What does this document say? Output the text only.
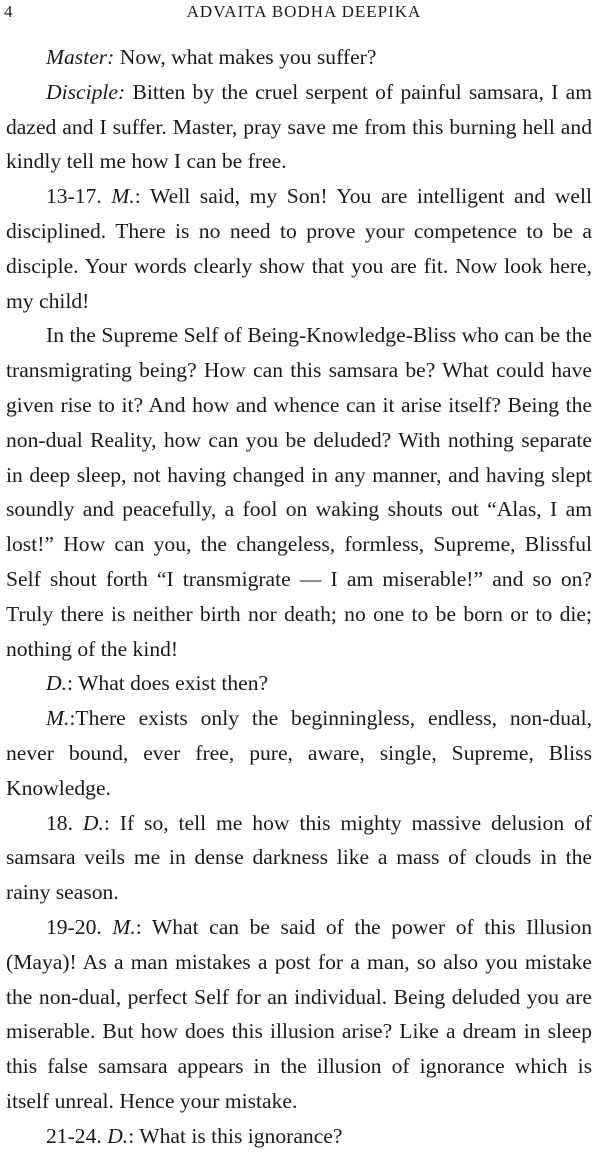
4	ADVAITA BODHA DEEPIKA

Master: Now, what makes you suffer?

Disciple: Bitten by the cruel serpent of painful samsara, I am dazed and I suffer. Master, pray save me from this burning hell and kindly tell me how I can be free.

13-17. M.: Well said, my Son! You are intelligent and well disciplined. There is no need to prove your competence to be a disciple. Your words clearly show that you are fit. Now look here, my child!

In the Supreme Self of Being-Knowledge-Bliss who can be the transmigrating being? How can this samsara be? What could have given rise to it? And how and whence can it arise itself? Being the non-dual Reality, how can you be deluded? With nothing separate in deep sleep, not having changed in any manner, and having slept soundly and peacefully, a fool on waking shouts out “Alas, I am lost!” How can you, the changeless, formless, Supreme, Blissful Self shout forth “I transmigrate — I am miserable!” and so on? Truly there is neither birth nor death; no one to be born or to die; nothing of the kind!

D.: What does exist then?

M.:There exists only the beginningless, endless, non-dual, never bound, ever free, pure, aware, single, Supreme, Bliss Knowledge.

18. D.: If so, tell me how this mighty massive delusion of samsara veils me in dense darkness like a mass of clouds in the rainy season.

19-20. M.: What can be said of the power of this Illusion (Maya)! As a man mistakes a post for a man, so also you mistake the non-dual, perfect Self for an individual. Being deluded you are miserable. But how does this illusion arise? Like a dream in sleep this false samsara appears in the illusion of ignorance which is itself unreal. Hence your mistake.

21-24. D.: What is this ignorance?
